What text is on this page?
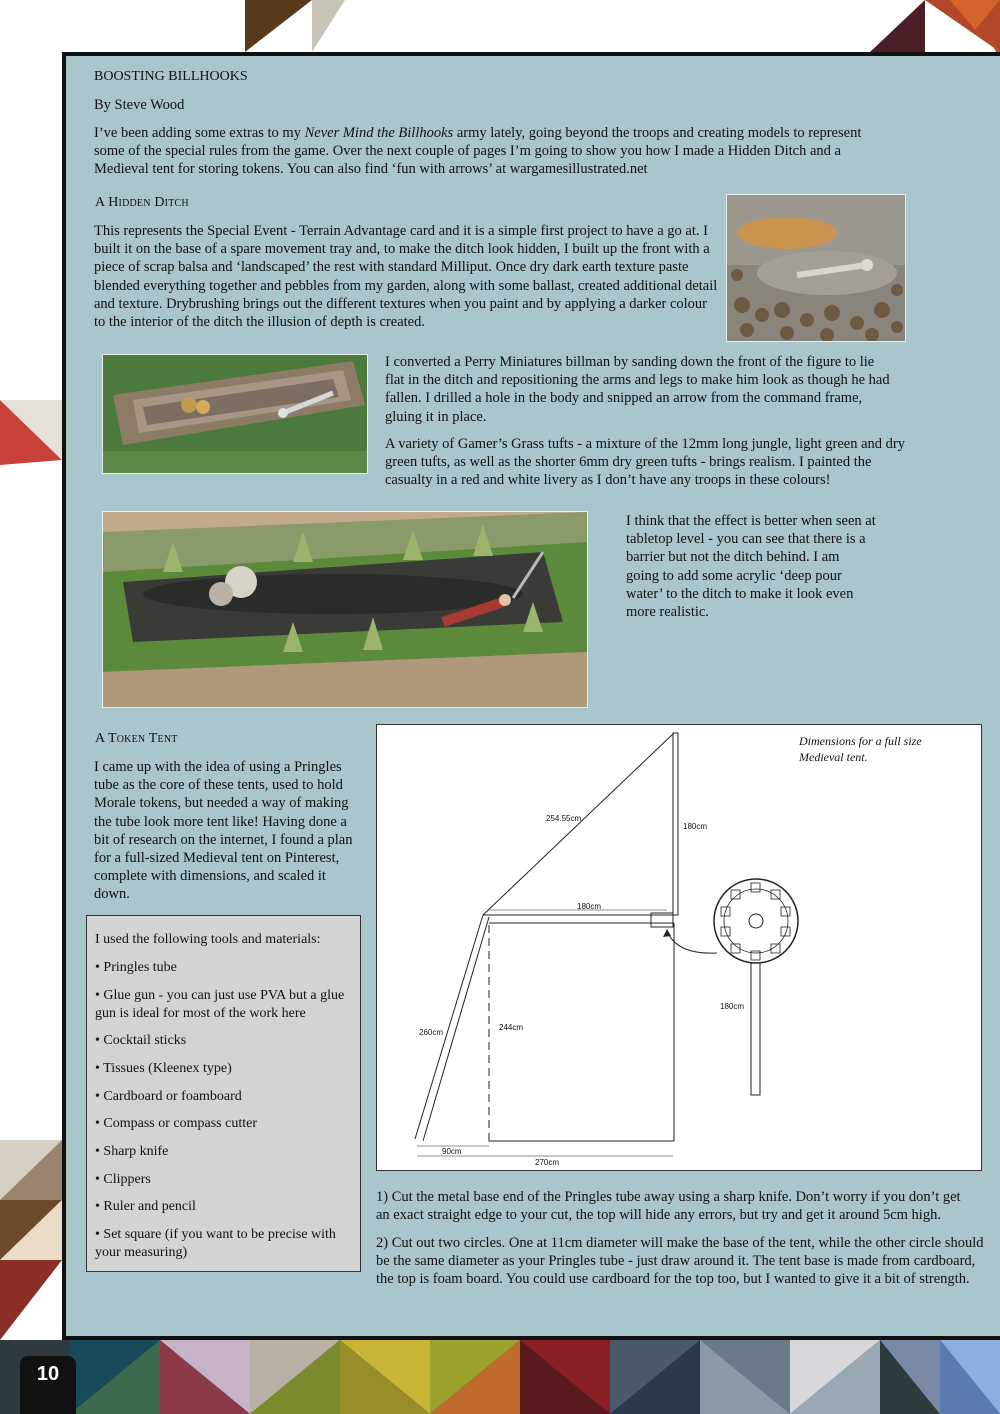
BOOSTING BILLHOOKS

By Steve Wood

I’ve been adding some extras to my Never Mind the Billhooks army lately, going beyond the troops and creating models to represent some of the special rules from the game. Over the next couple of pages I’m going to show you how I made a Hidden Ditch and a Medieval tent for storing tokens. You can also find ‘fun with arrows’ at wargamesillustrated.net

A Hidden Ditch

This represents the Special Event - Terrain Advantage card and it is a simple first project to have a go at. I built it on the base of a spare movement tray and, to make the ditch look hidden, I built up the front with a piece of scrap balsa and ‘landscaped’ the rest with standard Milliput. Once dry dark earth texture paste blended everything together and pebbles from my garden, along with some ballast, created additional detail and texture. Drybrushing brings out the different textures when you paint and by applying a darker colour to the interior of the ditch the illusion of depth is created.

I converted a Perry Miniatures billman by sanding down the front of the figure to lie flat in the ditch and repositioning the arms and legs to make him look as though he had fallen. I drilled a hole in the body and snipped an arrow from the command frame, gluing it in place.

A variety of Gamer’s Grass tufts - a mixture of the 12mm long jungle, light green and dry green tufts, as well as the shorter 6mm dry green tufts - brings realism. I painted the casualty in a red and white livery as I don’t have any troops in these colours!

I think that the effect is better when seen at tabletop level - you can see that there is a barrier but not the ditch behind. I am going to add some acrylic ‘deep pour water’ to the ditch to make it look even more realistic.

A Token Tent

I came up with the idea of using a Pringles tube as the core of these tents, used to hold Morale tokens, but needed a way of making the tube look more tent like! Having done a bit of research on the internet, I found a plan for a full-sized Medieval tent on Pinterest, complete with dimensions, and scaled it down.

I used the following tools and materials:

• Pringles tube

• Glue gun - you can just use PVA but a glue gun is ideal for most of the work here

• Cocktail sticks

• Tissues (Kleenex type)

• Cardboard or foamboard

• Compass or compass cutter

• Sharp knife

• Clippers

• Ruler and pencil

• Set square (if you want to be precise with your measuring)

254.55cm
180cm
180cm
260cm
244cm
180cm
90cm
270cm

Dimensions for a full size Medieval tent.

1) Cut the metal base end of the Pringles tube away using a sharp knife. Don’t worry if you don’t get an exact straight edge to your cut, the top will hide any errors, but try and get it around 5cm high.

2) Cut out two circles. One at 11cm diameter will make the base of the tent, while the other circle should be the same diameter as your Pringles tube - just draw around it. The tent base is made from cardboard, the top is foam board. You could use cardboard for the top too, but I wanted to give it a bit of strength.

10
